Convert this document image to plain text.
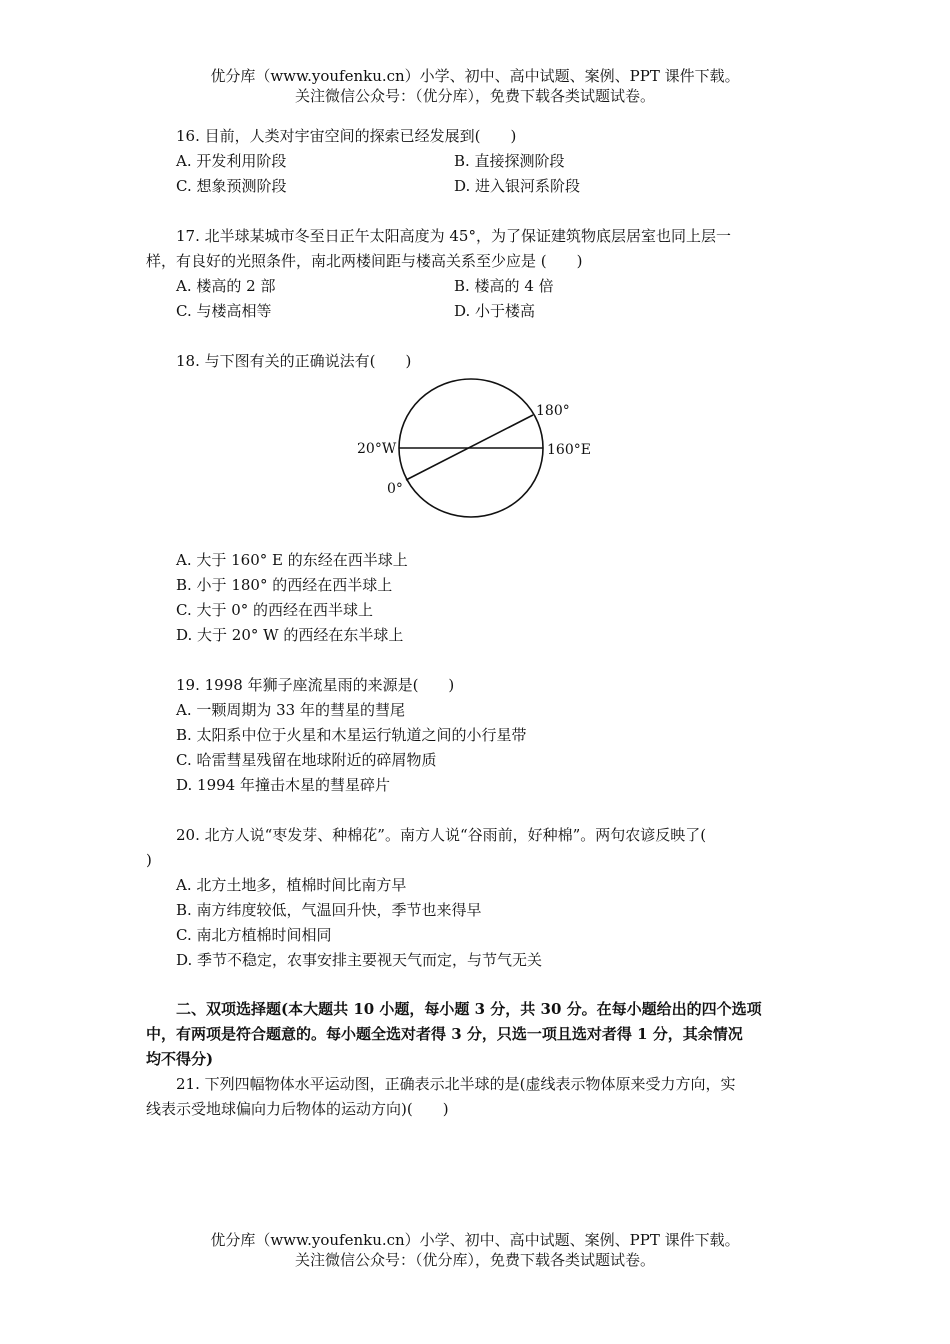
优分库（www.youfenku.cn）小学、初中、高中试题、案例、PPT 课件下载。
关注微信公众号：（优分库），免费下载各类试题试卷。
16. 目前，人类对宇宙空间的探索已经发展到(　　)
A. 开发利用阶段	B. 直接探测阶段
C. 想象预测阶段	D. 进入银河系阶段
17. 北半球某城市冬至日正午太阳高度为 45°，为了保证建筑物底层居室也同上层一
样，有良好的光照条件，南北两楼间距与楼高关系至少应是 (　　)
A. 楼高的 2 部	B. 楼高的 4 倍
C. 与楼高相等	D. 小于楼高
18. 与下图有关的正确说法有(　　)
20°W	160°E
180°
0°
A. 大于 160° E 的东经在西半球上
B. 小于 180° 的西经在西半球上
C. 大于 0° 的西经在西半球上
D. 大于 20° W 的西经在东半球上
19. 1998 年狮子座流星雨的来源是(　　)
A. 一颗周期为 33 年的彗星的彗尾
B. 太阳系中位于火星和木星运行轨道之间的小行星带
C. 哈雷彗星残留在地球附近的碎屑物质
D. 1994 年撞击木星的彗星碎片
20. 北方人说“枣发芽、种棉花”。南方人说“谷雨前，好种棉”。两句农谚反映了(
)
A. 北方土地多，植棉时间比南方早
B. 南方纬度较低，气温回升快，季节也来得早
C. 南北方植棉时间相同
D. 季节不稳定，农事安排主要视天气而定，与节气无关
二、双项选择题(本大题共 10 小题，每小题 3 分，共 30 分。在每小题给出的四个选项
中，有两项是符合题意的。每小题全选对者得 3 分，只选一项且选对者得 1 分，其余情况
均不得分)
21. 下列四幅物体水平运动图，正确表示北半球的是(虚线表示物体原来受力方向，实
线表示受地球偏向力后物体的运动方向)(　　)
优分库（www.youfenku.cn）小学、初中、高中试题、案例、PPT 课件下载。
关注微信公众号：（优分库），免费下载各类试题试卷。
